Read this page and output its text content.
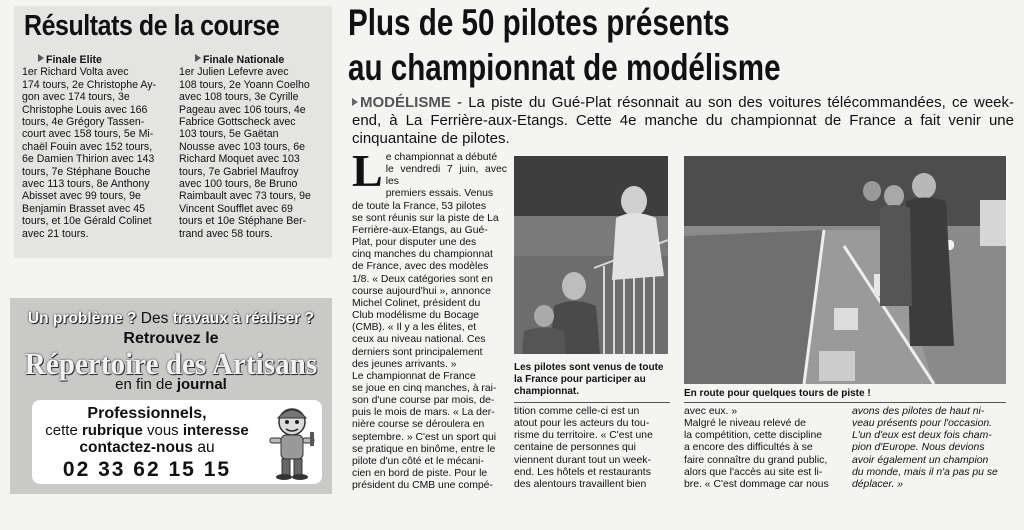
Résultats de la course
Finale Elite
1er Richard Volta avec
174 tours, 2e Christophe Ay-
gon avec 174 tours, 3e
Christophe Louis avec 166
tours, 4e Grégory Tassen-
court avec 158 tours, 5e Mi-
chaël Fouin avec 152 tours,
6e Damien Thirion avec 143
tours, 7e Stéphane Bouche
avec 113 tours, 8e Anthony
Abisset avec 99 tours, 9e
Benjamin Brasset avec 45
tours, et 10e Gérald Colinet
avec 21 tours.
Finale Nationale
1er Julien Lefevre avec
108 tours, 2e Yoann Coelho
avec 108 tours, 3e Cyrille
Pageau avec 106 tours, 4e
Fabrice Gottscheck avec
103 tours, 5e Gaëtan
Nousse avec 103 tours, 6e
Richard Moquet avec 103
tours, 7e Gabriel Maufroy
avec 100 tours, 8e Bruno
Raimbault avec 73 tours, 9e
Vincent Soufflet avec 69
tours et 10e Stéphane Ber-
trand avec 58 tours.
Un problème ? Des travaux à réaliser ?
Retrouvez le
Répertoire des Artisans
en fin de journal
Professionnels,
cette rubrique vous interesse
contactez-nous au
02 33 62 15 15
Plus de 50 pilotes présents
au championnat de modélisme
MODÉLISME - La piste du Gué-Plat résonnait au son des voitures télécommandées, ce week-end, à La Ferrière-aux-Etangs. Cette 4e manche du championnat de France a fait venir une cinquantaine de pilotes.
L e championnat a débuté
le vendredi 7 juin, avec les
premiers essais. Venus
de toute la France, 53 pilotes
se sont réunis sur la piste de La
Ferrière-aux-Etangs, au Gué-
Plat, pour disputer une des
cinq manches du championnat
de France, avec des modèles
1/8. « Deux catégories sont en
course aujourd'hui », annonce
Michel Colinet, président du
Club modélisme du Bocage
(CMB). « Il y a les élites, et
ceux au niveau national. Ces
derniers sont principalement
des jeunes arrivants. »
Le championnat de France
se joue en cinq manches, à rai-
son d'une course par mois, de-
puis le mois de mars. « La der-
nière course se déroulera en
septembre. » C'est un sport qui
se pratique en binôme, entre le
pilote d'un côté et le mécani-
cien en bord de piste. Pour le
président du CMB une compé-
Les pilotes sont venus de toute la France pour participer au championnat.	En route pour quelques tours de piste !
tition comme celle-ci est un
atout pour les acteurs du tou-
risme du territoire. « C'est une
centaine de personnes qui
viennent durant tout un week-
end. Les hôtels et restaurants
des alentours travaillent bien
avec eux. »
Malgré le niveau relevé de
la compétition, cette discipline
a encore des difficultés à se
faire connaître du grand public,
alors que l'accès au site est li-
bre. « C'est dommage car nous
avons des pilotes de haut ni-
veau présents pour l'occasion.
L'un d'eux est deux fois cham-
pion d'Europe. Nous devions
avoir également un champion
du monde, mais il n'a pas pu se
déplacer. »
